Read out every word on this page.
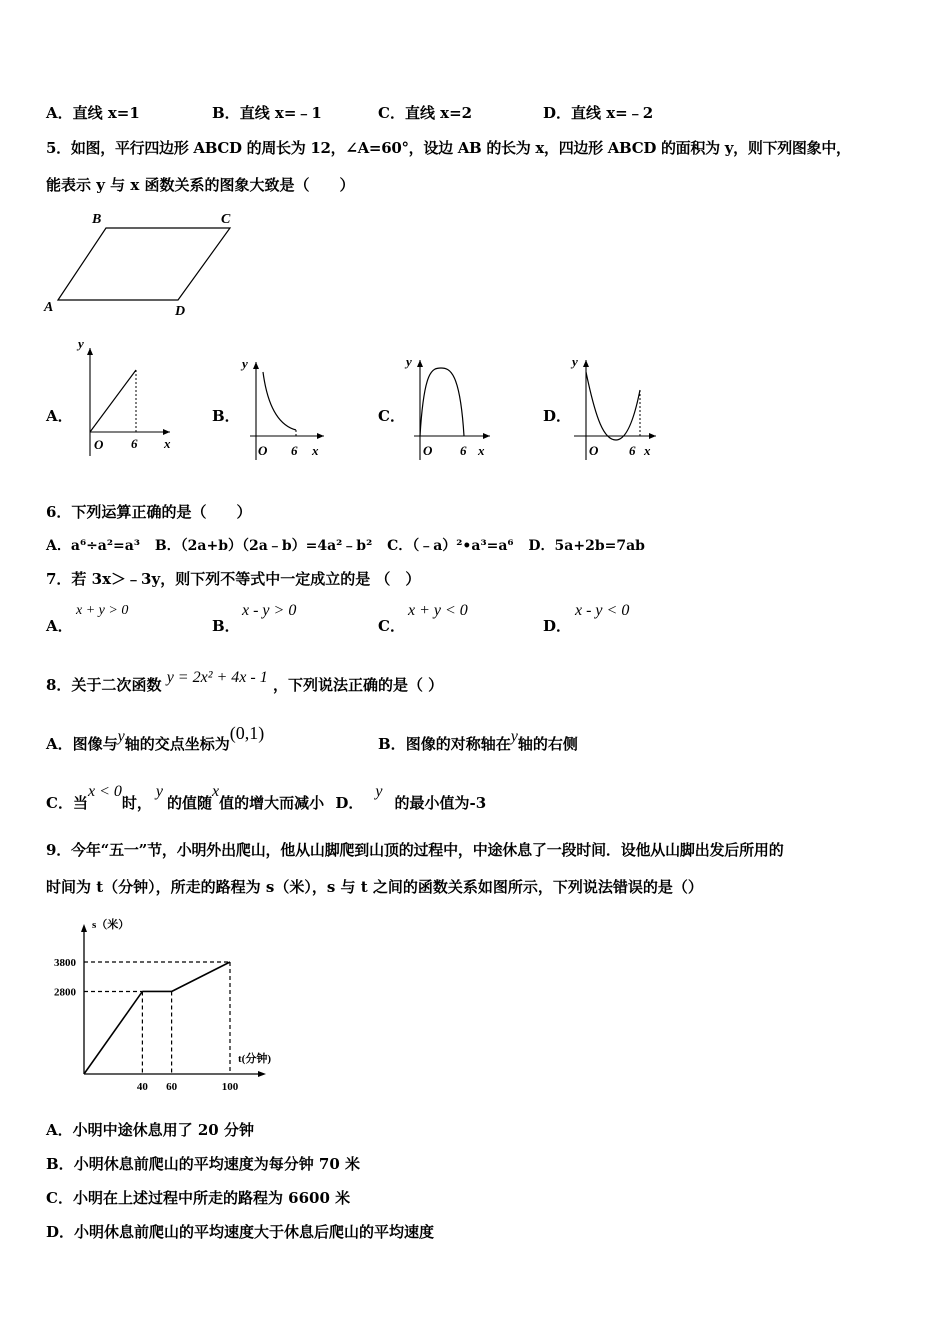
A．直线 x=1	B．直线 x=﹣1	C．直线 x=2	D．直线 x=﹣2
5．如图，平行四边形 ABCD 的周长为 12，∠A=60°，设边 AB 的长为 x，四边形 ABCD 的面积为 y，则下列图象中，
能表示 y 与 x 函数关系的图象大致是（　　）
B	C
A	D
A．
y
x
O 6
B．
y
x
O 6
C．
y
x
O 6
D．
y
x
O 6
6．下列运算正确的是（　　）
A．a⁶÷a²=a³ B．（2a+b）（2a﹣b）=4a²﹣b² C．（﹣a）²•a³=a⁶ D．5a+2b=7ab
7．若 3x＞﹣3y，则下列不等式中一定成立的是 （　）
A．
x + y > 0
B．
x - y > 0
C．
x + y < 0
D．
x - y < 0
8．关于二次函数 y = 2x² + 4x - 1 ，下列说法正确的是（ ）
A．图像与y轴的交点坐标为(0,1)
B．图像的对称轴在y轴的右侧
C．当x < 0时，y的值随x值的增大而减小 D．y的最小值为-3
9．今年“五一”节，小明外出爬山，他从山脚爬到山顶的过程中，中途休息了一段时间．设他从山脚出发后所用的
时间为 t（分钟），所走的路程为 s（米），s 与 t 之间的函数关系如图所示，下列说法错误的是（）
s（米）
t(分钟)
40 60	100
3800
2800
A．小明中途休息用了 20 分钟
B．小明休息前爬山的平均速度为每分钟 70 米
C．小明在上述过程中所走的路程为 6600 米
D．小明休息前爬山的平均速度大于休息后爬山的平均速度
